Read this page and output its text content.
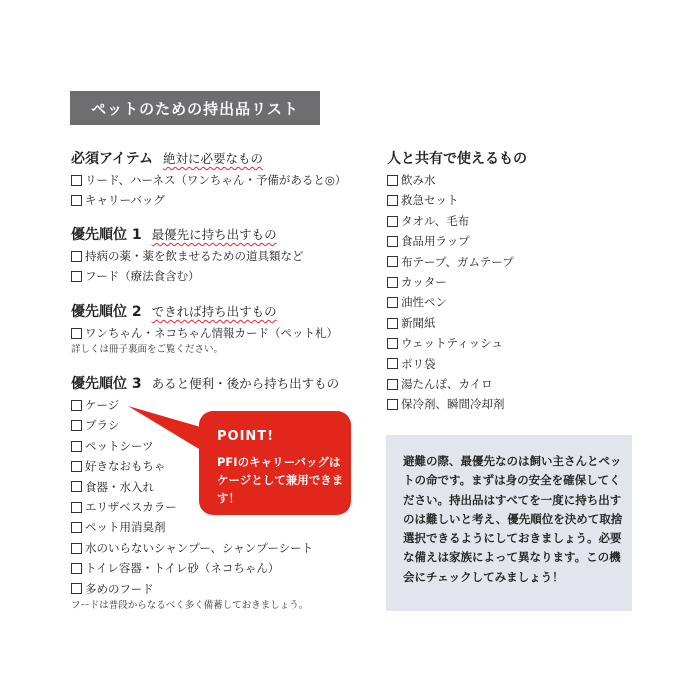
ペットのための持出品リスト
必須アイテム 絶対に必要なもの
リード、ハーネス（ワンちゃん・予備があると◎）
キャリーバッグ
優先順位 1 最優先に持ち出すもの
持病の薬・薬を飲ませるための道具類など
フード（療法食含む）
優先順位 2 できれば持ち出すもの
ワンちゃん・ネコちゃん情報カード（ペット札）
詳しくは冊子裏面をご覧ください。
優先順位 3 あると便利・後から持ち出すもの
ケージ
ブラシ
ペットシーツ
好きなおもちゃ
食器・水入れ
エリザベスカラー
ペット用消臭剤
水のいらないシャンプー、シャンプーシート
トイレ容器・トイレ砂（ネコちゃん）
多めのフード
フードは普段からなるべく多く備蓄しておきましょう。
人と共有で使えるもの
飲み水
救急セット
タオル、毛布
食品用ラップ
布テープ、ガムテープ
カッター
油性ペン
新聞紙
ウェットティッシュ
ポリ袋
湯たんぽ、カイロ
保冷剤、瞬間冷却剤
POINT!
PFIのキャリーバッグはケージとして兼用できます！
避難の際、最優先なのは飼い主さんとペットの命です。まずは身の安全を確保してください。持出品はすべてを一度に持ち出すのは難しいと考え、優先順位を決めて取捨選択できるようにしておきましょう。必要な備えは家族によって異なります。この機会にチェックしてみましょう！
